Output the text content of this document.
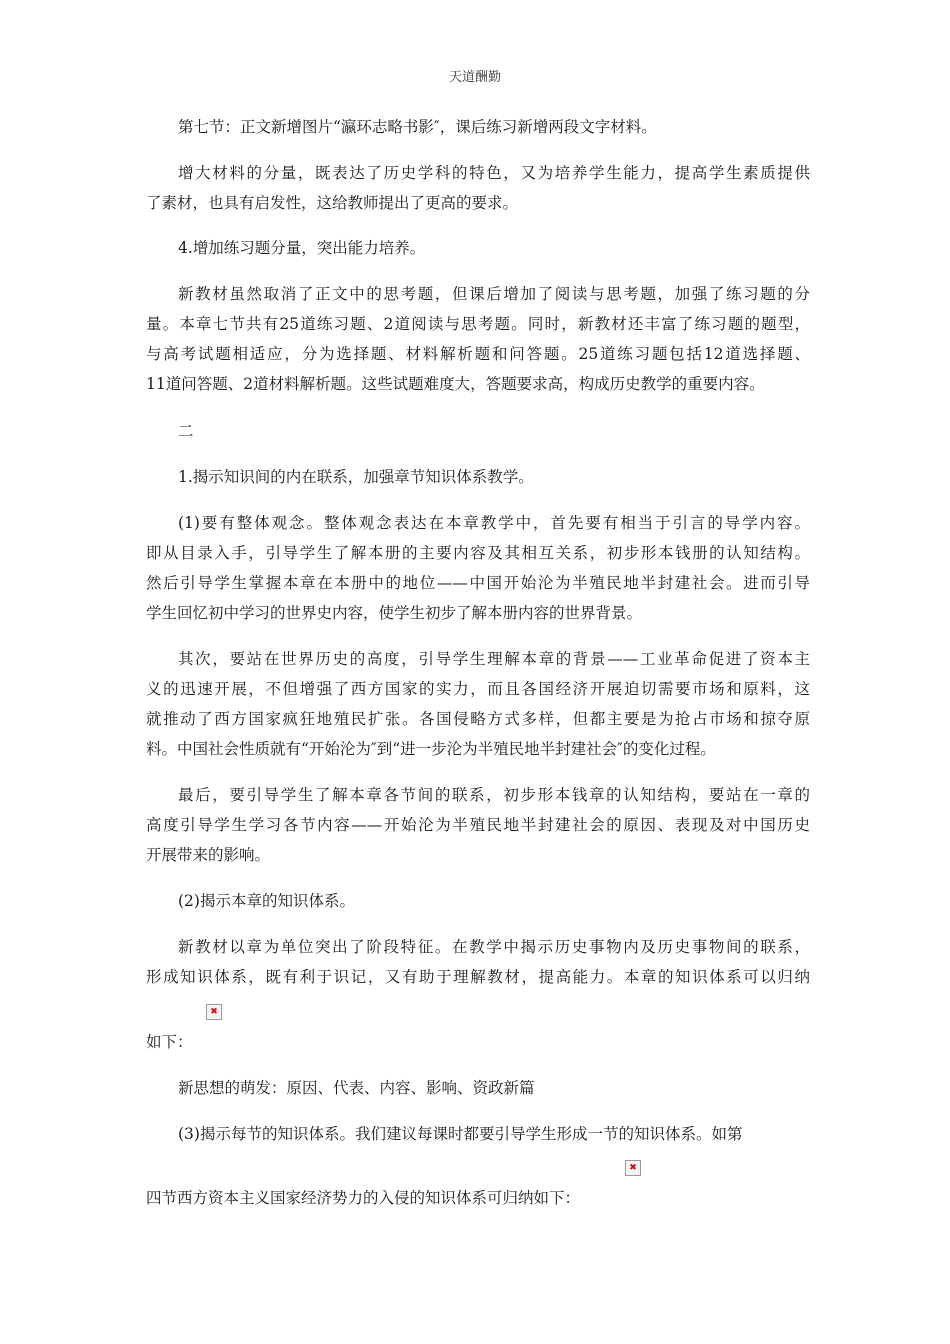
天道酬勤
第七节：正文新增图片“瀛环志略书影″，课后练习新增两段文字材料。
增大材料的分量，既表达了历史学科的特色，又为培养学生能力，提高学生素质提供
了素材，也具有启发性，这给教师提出了更高的要求。
4.增加练习题分量，突出能力培养。
新教材虽然取消了正文中的思考题，但课后增加了阅读与思考题，加强了练习题的分
量。本章七节共有25道练习题、2道阅读与思考题。同时，新教材还丰富了练习题的题型，
与高考试题相适应，分为选择题、材料解析题和问答题。25道练习题包括12道选择题、
11道问答题、2道材料解析题。这些试题难度大，答题要求高，构成历史教学的重要内容。
二
1.揭示知识间的内在联系，加强章节知识体系教学。
(1)要有整体观念。整体观念表达在本章教学中，首先要有相当于引言的导学内容。
即从目录入手，引导学生了解本册的主要内容及其相互关系，初步形本钱册的认知结构。
然后引导学生掌握本章在本册中的地位——中国开始沦为半殖民地半封建社会。进而引导
学生回忆初中学习的世界史内容，使学生初步了解本册内容的世界背景。
其次，要站在世界历史的高度，引导学生理解本章的背景——工业革命促进了资本主
义的迅速开展，不但增强了西方国家的实力，而且各国经济开展迫切需要市场和原料，这
就推动了西方国家疯狂地殖民扩张。各国侵略方式多样，但都主要是为抢占市场和掠夺原
料。中国社会性质就有“开始沦为″到“进一步沦为半殖民地半封建社会″的变化过程。
最后，要引导学生了解本章各节间的联系，初步形本钱章的认知结构，要站在一章的
高度引导学生学习各节内容——开始沦为半殖民地半封建社会的原因、表现及对中国历史
开展带来的影响。
(2)揭示本章的知识体系。
新教材以章为单位突出了阶段特征。在教学中揭示历史事物内及历史事物间的联系，
形成知识体系，既有利于识记，又有助于理解教材，提高能力。本章的知识体系可以归纳
✖
如下：
新思想的萌发：原因、代表、内容、影响、资政新篇
(3)揭示每节的知识体系。我们建议每课时都要引导学生形成一节的知识体系。如第
✖
四节西方资本主义国家经济势力的入侵的知识体系可归纳如下：
